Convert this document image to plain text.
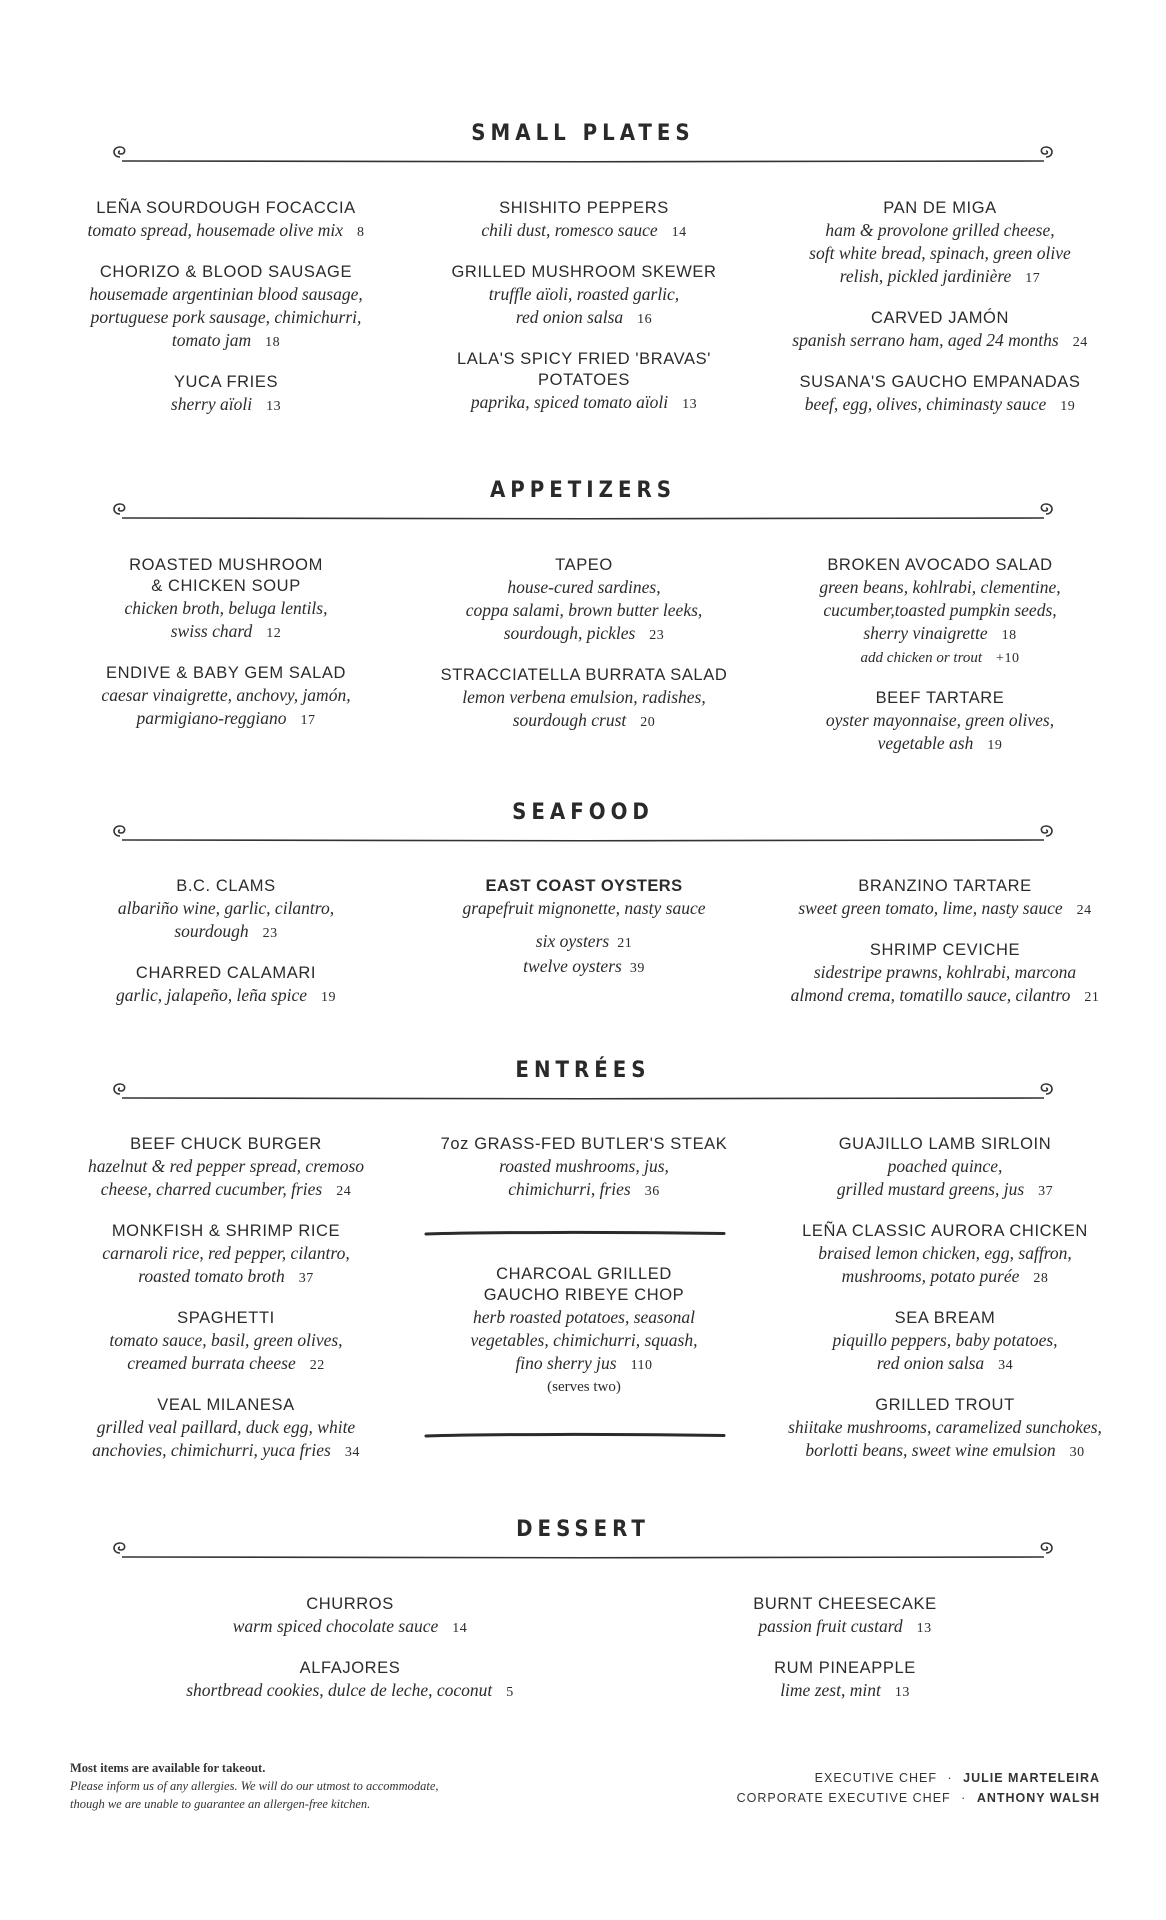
SMALL PLATES
LEÑA SOURDOUGH FOCACCIA
tomato spread, housemade olive mix 8
CHORIZO & BLOOD SAUSAGE
housemade argentinian blood sausage,
portuguese pork sausage, chimichurri,
tomato jam 18
YUCA FRIES
sherry aïoli 13
SHISHITO PEPPERS
chili dust, romesco sauce 14
GRILLED MUSHROOM SKEWER
truffle aïoli, roasted garlic,
red onion salsa 16
LALA'S SPICY FRIED 'BRAVAS'
POTATOES
paprika, spiced tomato aïoli 13
PAN DE MIGA
ham & provolone grilled cheese,
soft white bread, spinach, green olive
relish, pickled jardinière 17
CARVED JAMÓN
spanish serrano ham, aged 24 months 24
SUSANA'S GAUCHO EMPANADAS
beef, egg, olives, chiminasty sauce 19
APPETIZERS
ROASTED MUSHROOM
& CHICKEN SOUP
chicken broth, beluga lentils,
swiss chard 12
ENDIVE & BABY GEM SALAD
caesar vinaigrette, anchovy, jamón,
parmigiano-reggiano 17
TAPEO
house-cured sardines,
coppa salami, brown butter leeks,
sourdough, pickles 23
STRACCIATELLA BURRATA SALAD
lemon verbena emulsion, radishes,
sourdough crust 20
BROKEN AVOCADO SALAD
green beans, kohlrabi, clementine,
cucumber,toasted pumpkin seeds,
sherry vinaigrette 18
add chicken or trout +10
BEEF TARTARE
oyster mayonnaise, green olives,
vegetable ash 19
SEAFOOD
B.C. CLAMS
albariño wine, garlic, cilantro,
sourdough 23
CHARRED CALAMARI
garlic, jalapeño, leña spice 19
EAST COAST OYSTERS
grapefruit mignonette, nasty sauce
six oysters 21
twelve oysters 39
BRANZINO TARTARE
sweet green tomato, lime, nasty sauce 24
SHRIMP CEVICHE
sidestripe prawns, kohlrabi, marcona
almond crema, tomatillo sauce, cilantro 21
ENTRÉES
BEEF CHUCK BURGER
hazelnut & red pepper spread, cremoso
cheese, charred cucumber, fries 24
MONKFISH & SHRIMP RICE
carnaroli rice, red pepper, cilantro,
roasted tomato broth 37
SPAGHETTI
tomato sauce, basil, green olives,
creamed burrata cheese 22
VEAL MILANESA
grilled veal paillard, duck egg, white
anchovies, chimichurri, yuca fries 34
7oz GRASS-FED BUTLER'S STEAK
roasted mushrooms, jus,
chimichurri, fries 36
CHARCOAL GRILLED
GAUCHO RIBEYE CHOP
herb roasted potatoes, seasonal
vegetables, chimichurri, squash,
fino sherry jus 110
(serves two)
GUAJILLO LAMB SIRLOIN
poached quince,
grilled mustard greens, jus 37
LEÑA CLASSIC AURORA CHICKEN
braised lemon chicken, egg, saffron,
mushrooms, potato purée 28
SEA BREAM
piquillo peppers, baby potatoes,
red onion salsa 34
GRILLED TROUT
shiitake mushrooms, caramelized sunchokes,
borlotti beans, sweet wine emulsion 30
DESSERT
CHURROS
warm spiced chocolate sauce 14
ALFAJORES
shortbread cookies, dulce de leche, coconut 5
BURNT CHEESECAKE
passion fruit custard 13
RUM PINEAPPLE
lime zest, mint 13
Most items are available for takeout.
Please inform us of any allergies. We will do our utmost to accommodate,
though we are unable to guarantee an allergen-free kitchen.
EXECUTIVE CHEF · JULIE MARTELEIRA
CORPORATE EXECUTIVE CHEF · ANTHONY WALSH
